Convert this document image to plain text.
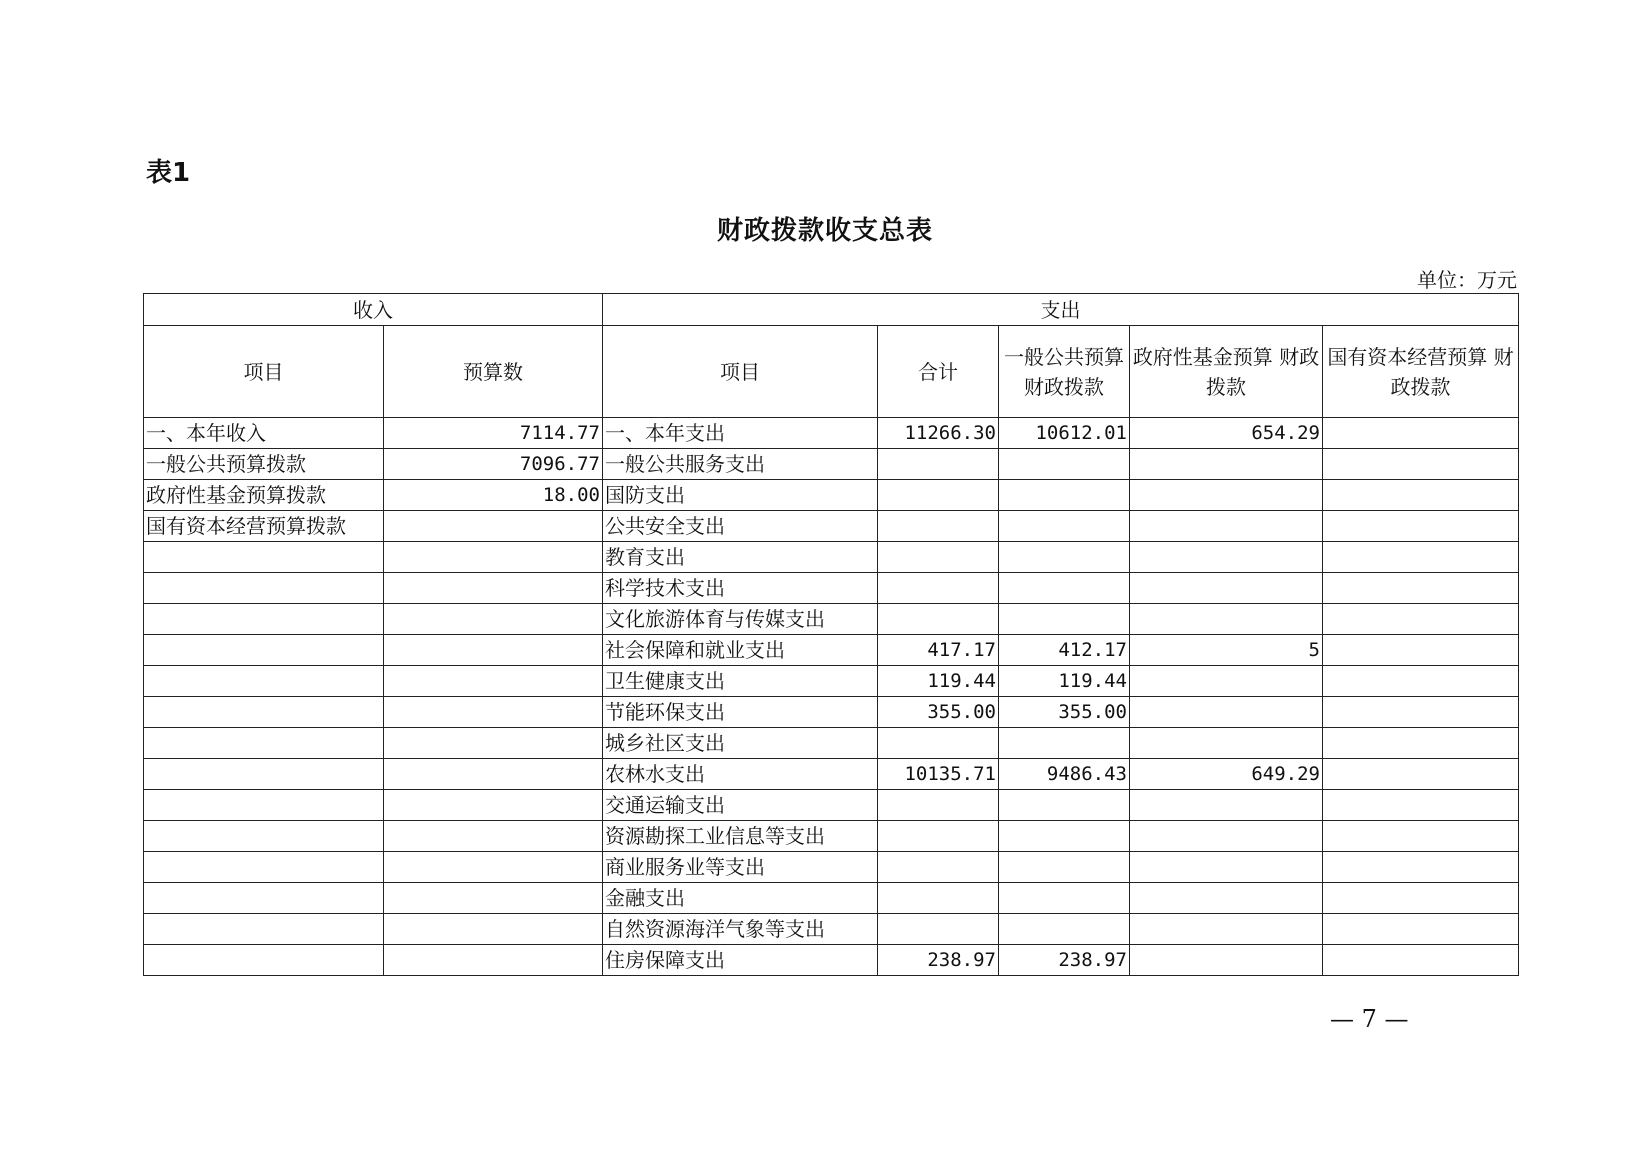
表1
财政拨款收支总表
单位：万元
收入		支出				
项目	预算数	项目	合计	一般公共预算 财政拨款	政府性基金预算 财政拨款	国有资本经营预算 财政拨款
一、本年收入	7114.77	一、本年支出	11266.30	10612.01	654.29	
一般公共预算拨款	7096.77	一般公共服务支出				
政府性基金预算拨款	18.00	国防支出				
国有资本经营预算拨款		公共安全支出				
		教育支出				
		科学技术支出				
		文化旅游体育与传媒支出				
		社会保障和就业支出	417.17	412.17	5	
		卫生健康支出	119.44	119.44		
		节能环保支出	355.00	355.00		
		城乡社区支出				
		农林水支出	10135.71	9486.43	649.29	
		交通运输支出				
		资源勘探工业信息等支出				
		商业服务业等支出				
		金融支出				
		自然资源海洋气象等支出				
		住房保障支出	238.97	238.97		
— 7 —
